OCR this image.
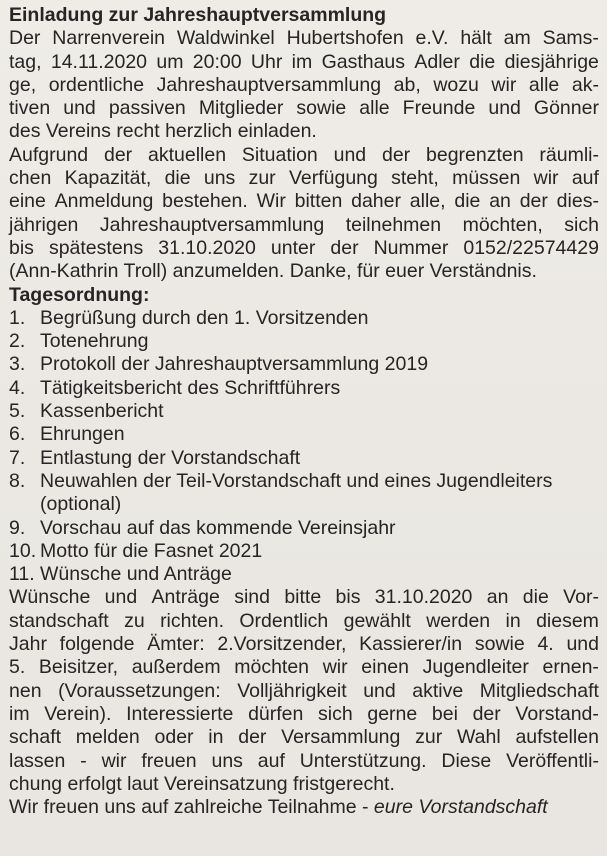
Einladung zur Jahreshauptversammlung
Der Narrenverein Waldwinkel Hubertshofen e.V. hält am Sams-
tag, 14.11.2020 um 20:00 Uhr im Gasthaus Adler die diesjährige
ge, ordentliche Jahreshauptversammlung ab, wozu wir alle ak-
tiven und passiven Mitglieder sowie alle Freunde und Gönner
des Vereins recht herzlich einladen.
Aufgrund der aktuellen Situation und der begrenzten räumli-
chen Kapazität, die uns zur Verfügung steht, müssen wir auf
eine Anmeldung bestehen. Wir bitten daher alle, die an der dies-
jährigen Jahreshauptversammlung teilnehmen möchten, sich
bis spätestens 31.10.2020 unter der Nummer 0152/22574429
(Ann-Kathrin Troll) anzumelden. Danke, für euer Verständnis.
Tagesordnung:
1. Begrüßung durch den 1. Vorsitzenden
2. Totenehrung
3. Protokoll der Jahreshauptversammlung 2019
4. Tätigkeitsbericht des Schriftführers
5. Kassenbericht
6. Ehrungen
7. Entlastung der Vorstandschaft
8. Neuwahlen der Teil-Vorstandschaft und eines Jugendleiters
(optional)
9. Vorschau auf das kommende Vereinsjahr
10. Motto für die Fasnet 2021
11. Wünsche und Anträge
Wünsche und Anträge sind bitte bis 31.10.2020 an die Vor-
standschaft zu richten. Ordentlich gewählt werden in diesem
Jahr folgende Ämter: 2.Vorsitzender, Kassierer/in sowie 4. und
5. Beisitzer, außerdem möchten wir einen Jugendleiter ernen-
nen (Voraussetzungen: Volljährigkeit und aktive Mitgliedschaft
im Verein). Interessierte dürfen sich gerne bei der Vorstand-
schaft melden oder in der Versammlung zur Wahl aufstellen
lassen - wir freuen uns auf Unterstützung. Diese Veröffentli-
chung erfolgt laut Vereinsatzung fristgerecht.
Wir freuen uns auf zahlreiche Teilnahme - eure Vorstandschaft
